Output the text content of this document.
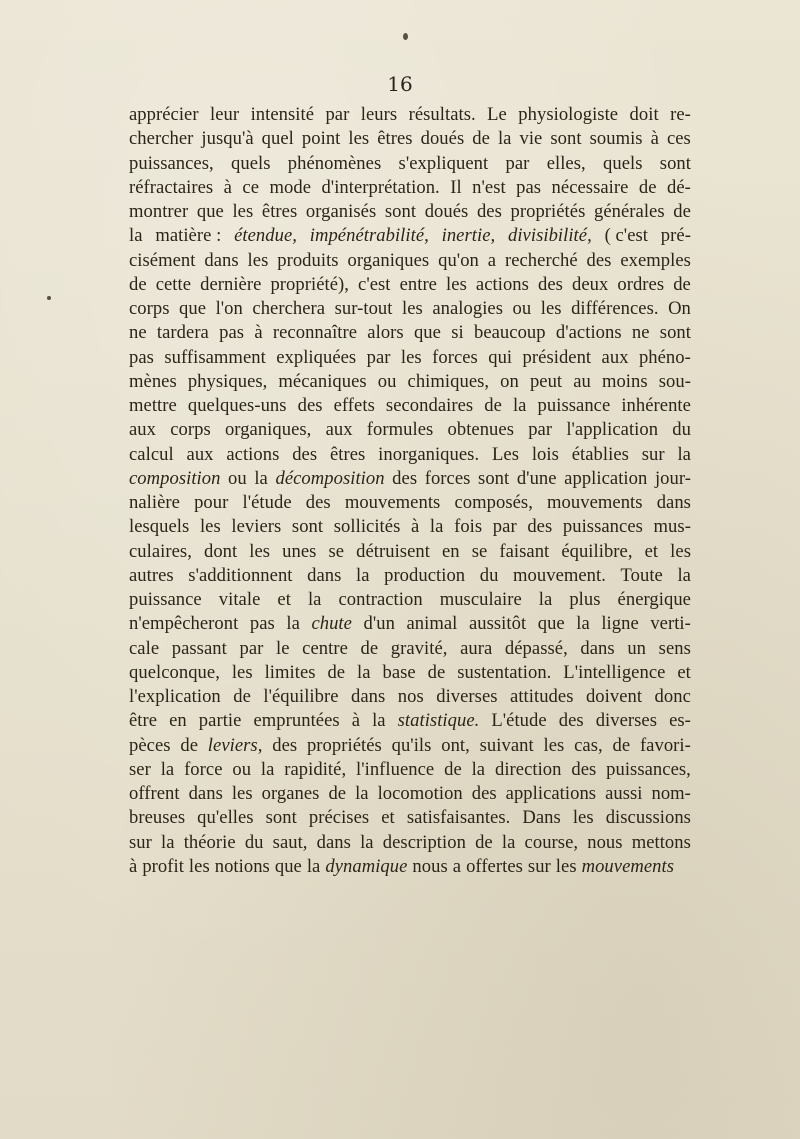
16
apprécier leur intensité par leurs résultats. Le physiologiste doit re-
chercher jusqu'à quel point les êtres doués de la vie sont soumis à ces
puissances, quels phénomènes s'expliquent par elles, quels sont
réfractaires à ce mode d'interprétation. Il n'est pas nécessaire de dé-
montrer que les êtres organisés sont doués des propriétés générales de
la matière : étendue, impénétrabilité, inertie, divisibilité, ( c'est pré-
cisément dans les produits organiques qu'on a recherché des exemples
de cette dernière propriété), c'est entre les actions des deux ordres de
corps que l'on cherchera sur-tout les analogies ou les différences. On
ne tardera pas à reconnaître alors que si beaucoup d'actions ne sont
pas suffisamment expliquées par les forces qui président aux phéno-
mènes physiques, mécaniques ou chimiques, on peut au moins sou-
mettre quelques-uns des effets secondaires de la puissance inhérente
aux corps organiques, aux formules obtenues par l'application du
calcul aux actions des êtres inorganiques. Les lois établies sur la
composition ou la décomposition des forces sont d'une application jour-
nalière pour l'étude des mouvements composés, mouvements dans
lesquels les leviers sont sollicités à la fois par des puissances mus-
culaires, dont les unes se détruisent en se faisant équilibre, et les
autres s'additionnent dans la production du mouvement. Toute la
puissance vitale et la contraction musculaire la plus énergique
n'empêcheront pas la chute d'un animal aussitôt que la ligne verti-
cale passant par le centre de gravité, aura dépassé, dans un sens
quelconque, les limites de la base de sustentation. L'intelligence et
l'explication de l'équilibre dans nos diverses attitudes doivent donc
être en partie empruntées à la statistique. L'étude des diverses es-
pèces de leviers, des propriétés qu'ils ont, suivant les cas, de favori-
ser la force ou la rapidité, l'influence de la direction des puissances,
offrent dans les organes de la locomotion des applications aussi nom-
breuses qu'elles sont précises et satisfaisantes. Dans les discussions
sur la théorie du saut, dans la description de la course, nous mettons
à profit les notions que la dynamique nous a offertes sur les mouvements
